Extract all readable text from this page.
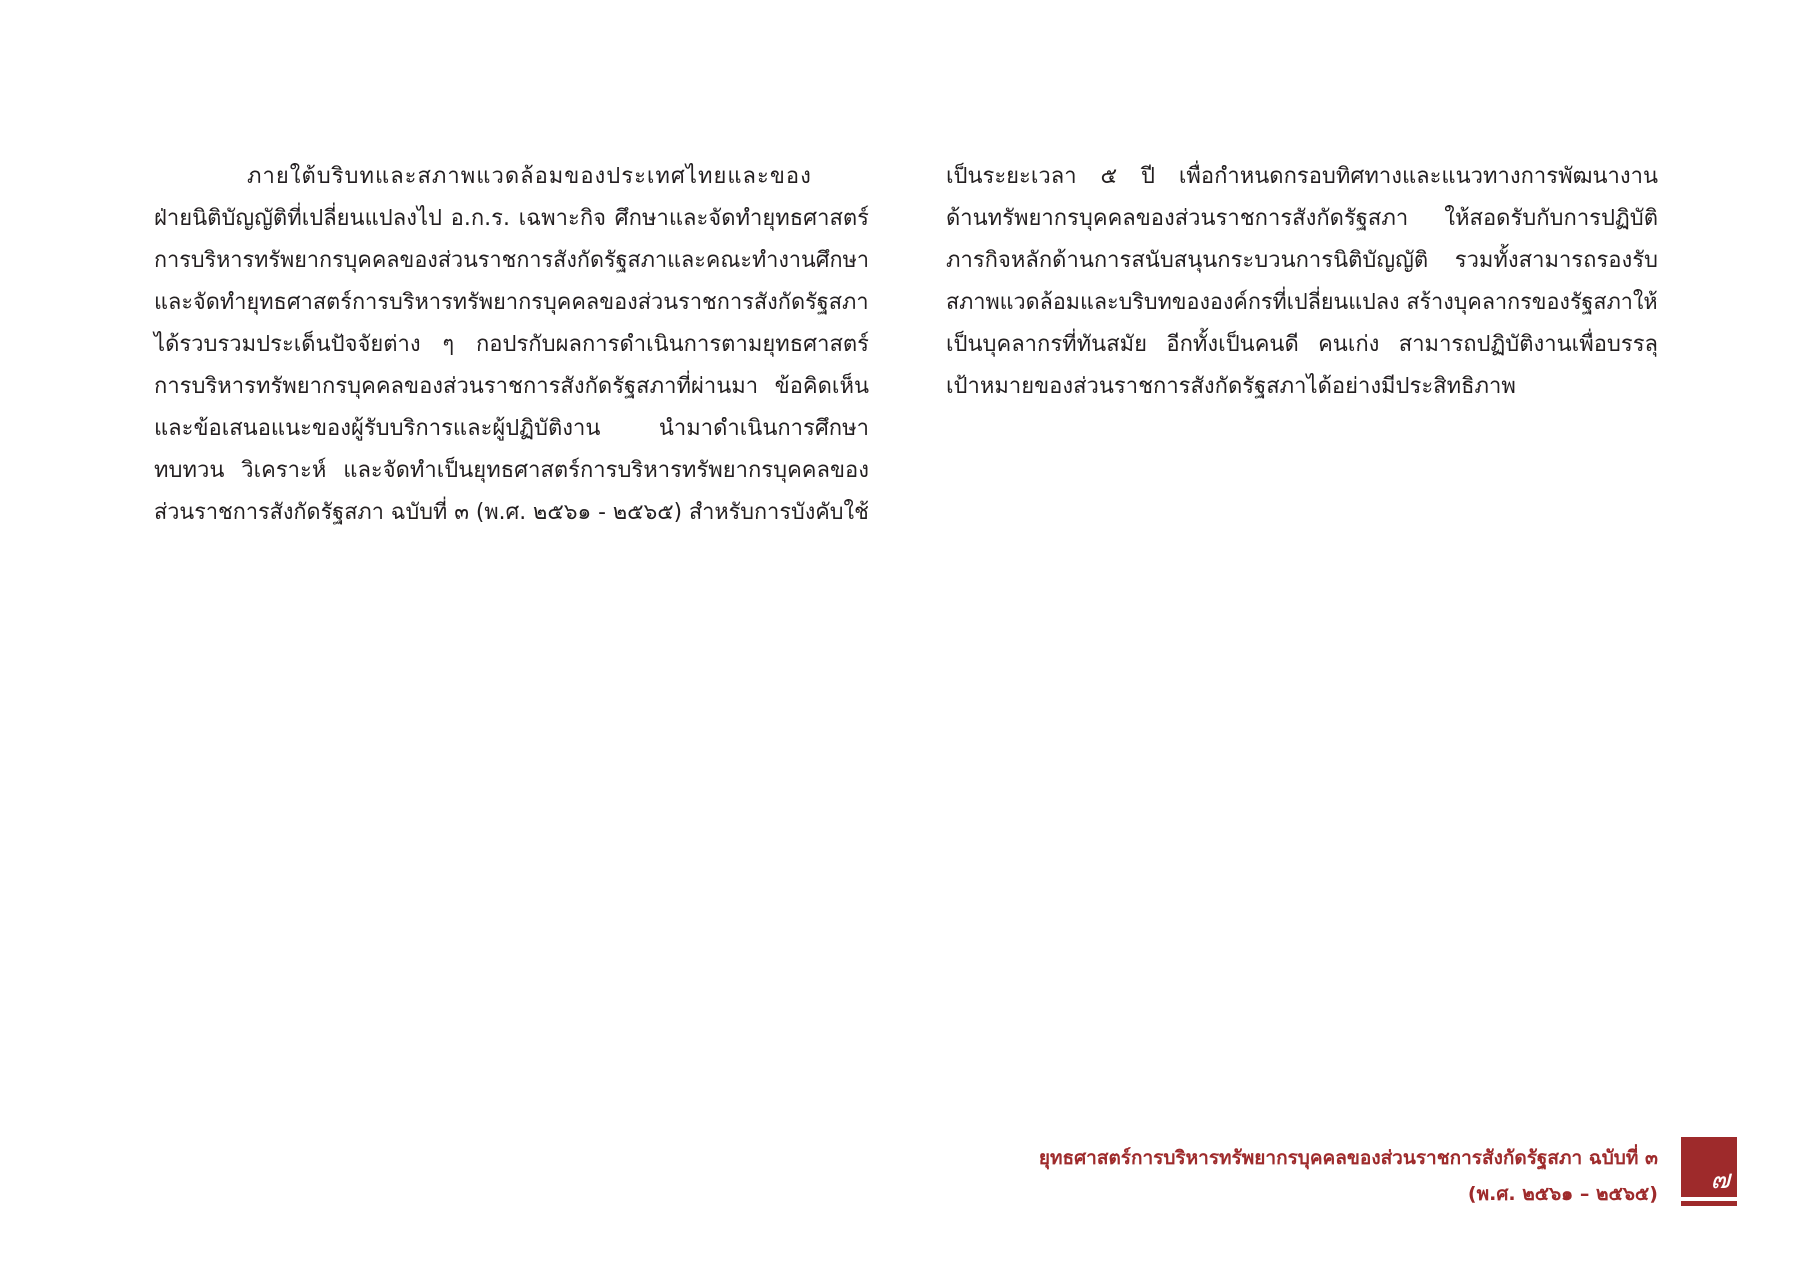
ภายใต้บริบทและสภาพแวดล้อมของประเทศไทยและของ
ฝ่ายนิติบัญญัติที่เปลี่ยนแปลงไป อ.ก.ร. เฉพาะกิจ ศึกษาและจัดทำยุทธศาสตร์
การบริหารทรัพยากรบุคคลของส่วนราชการสังกัดรัฐสภาและคณะทำงานศึกษา
และจัดทำยุทธศาสตร์การบริหารทรัพยากรบุคคลของส่วนราชการสังกัดรัฐสภา
ได้รวบรวมประเด็นปัจจัยต่าง ๆ กอปรกับผลการดำเนินการตามยุทธศาสตร์
การบริหารทรัพยากรบุคคลของส่วนราชการสังกัดรัฐสภาที่ผ่านมา ข้อคิดเห็น
และข้อเสนอแนะของผู้รับบริการและผู้ปฏิบัติงาน นำมาดำเนินการศึกษา
ทบทวน วิเคราะห์ และจัดทำเป็นยุทธศาสตร์การบริหารทรัพยากรบุคคลของ
ส่วนราชการสังกัดรัฐสภา ฉบับที่ ๓ (พ.ศ. ๒๕๖๑ - ๒๕๖๕) สำหรับการบังคับใช้
เป็นระยะเวลา ๕ ปี เพื่อกำหนดกรอบทิศทางและแนวทางการพัฒนางาน
ด้านทรัพยากรบุคคลของส่วนราชการสังกัดรัฐสภา ให้สอดรับกับการปฏิบัติ
ภารกิจหลักด้านการสนับสนุนกระบวนการนิติบัญญัติ รวมทั้งสามารถรองรับ
สภาพแวดล้อมและบริบทขององค์กรที่เปลี่ยนแปลง สร้างบุคลากรของรัฐสภาให้
เป็นบุคลากรที่ทันสมัย อีกทั้งเป็นคนดี คนเก่ง สามารถปฏิบัติงานเพื่อบรรลุ
เป้าหมายของส่วนราชการสังกัดรัฐสภาได้อย่างมีประสิทธิภาพ
ยุทธศาสตร์การบริหารทรัพยากรบุคคลของส่วนราชการสังกัดรัฐสภา ฉบับที่ ๓
(พ.ศ. ๒๕๖๑ – ๒๕๖๕) ๗
